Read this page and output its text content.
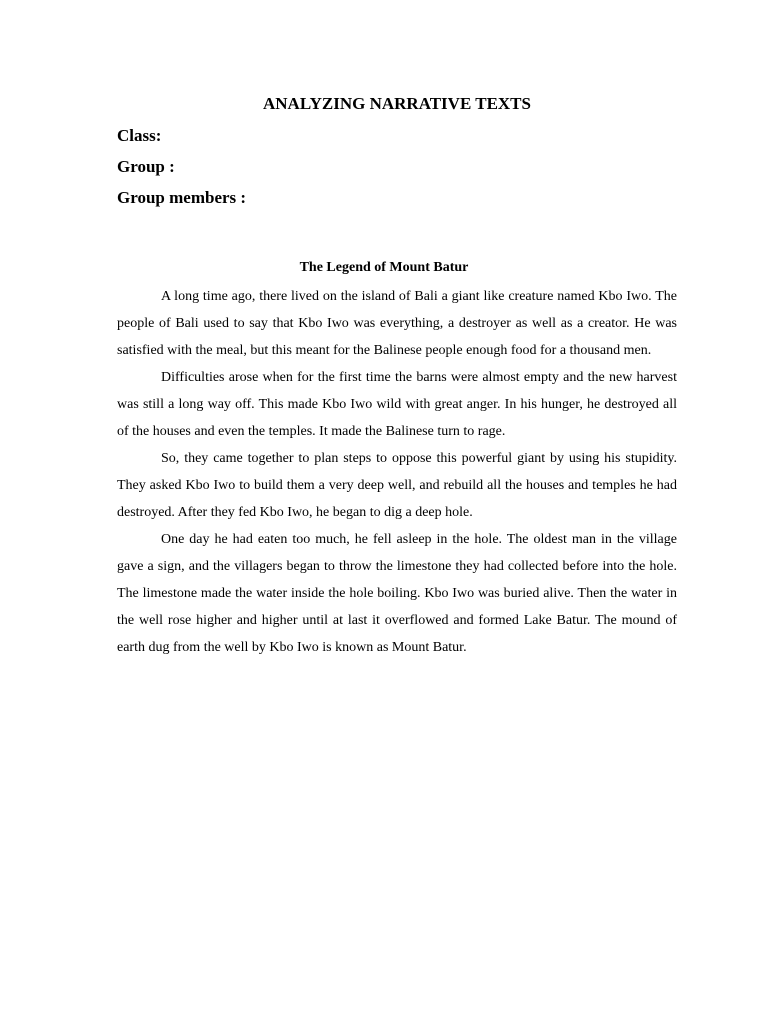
ANALYZING NARRATIVE TEXTS
Class:
Group :
Group members :
The Legend of Mount Batur

A long time ago, there lived on the island of Bali a giant like creature named Kbo Iwo. The people of Bali used to say that Kbo Iwo was everything, a destroyer as well as a creator. He was satisfied with the meal, but this meant for the Balinese people enough food for a thousand men.

Difficulties arose when for the first time the barns were almost empty and the new harvest was still a long way off. This made Kbo Iwo wild with great anger. In his hunger, he destroyed all of the houses and even the temples. It made the Balinese turn to rage.

So, they came together to plan steps to oppose this powerful giant by using his stupidity. They asked Kbo Iwo to build them a very deep well, and rebuild all the houses and temples he had destroyed. After they fed Kbo Iwo, he began to dig a deep hole.

One day he had eaten too much, he fell asleep in the hole. The oldest man in the village gave a sign, and the villagers began to throw the limestone they had collected before into the hole. The limestone made the water inside the hole boiling. Kbo Iwo was buried alive. Then the water in the well rose higher and higher until at last it overflowed and formed Lake Batur. The mound of earth dug from the well by Kbo Iwo is known as Mount Batur.
